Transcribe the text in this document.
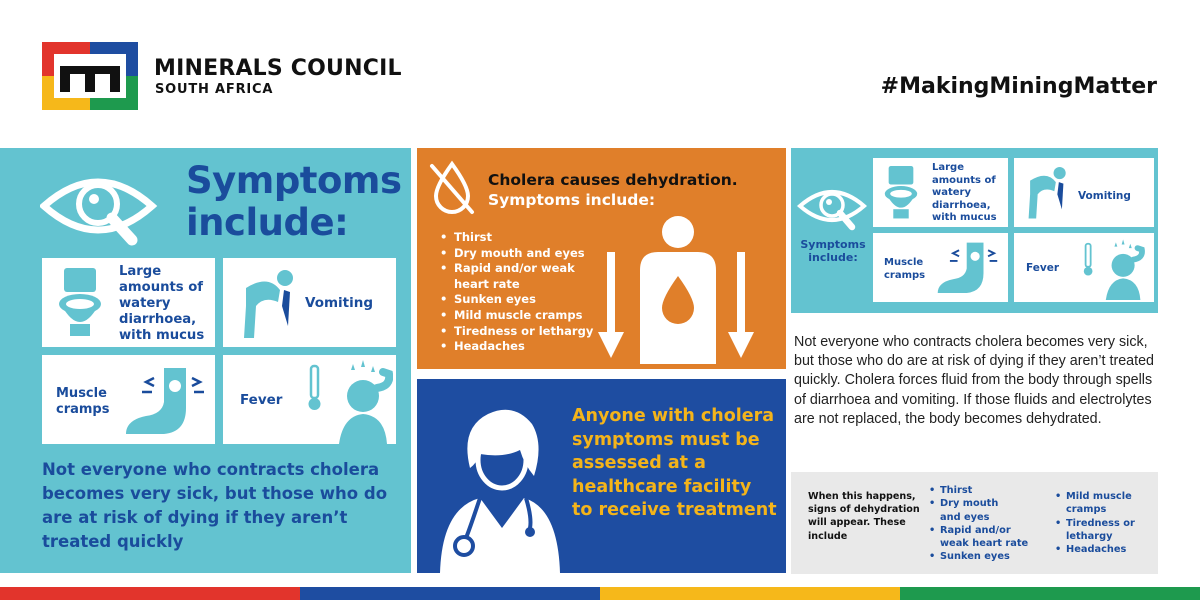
MINERALS COUNCIL
SOUTH AFRICA	#MakingMiningMatter
Symptoms
include:
Large amounts of watery diarrhoea, with mucus
Vomiting
Muscle cramps
Fever
Not everyone who contracts cholera becomes very sick, but those who do are at risk of dying if they aren’t treated quickly
Cholera causes dehydration.
Symptoms include:
• Thirst
• Dry mouth and eyes
• Rapid and/or weak heart rate
• Sunken eyes
• Mild muscle cramps
• Tiredness or lethargy
• Headaches
Anyone with cholera symptoms must be assessed at a healthcare facility to receive treatment
Symptoms include:
Large amounts of watery diarrhoea, with mucus
Vomiting
Muscle cramps
Fever
Not everyone who contracts cholera becomes very sick, but those who do are at risk of dying if they aren’t treated quickly. Cholera forces fluid from the body through spells of diarrhoea and vomiting. If those fluids and electrolytes are not replaced, the body becomes dehydrated.
When this happens, signs of dehydration will appear. These include
• Thirst
• Dry mouth and eyes
• Rapid and/or weak heart rate
• Sunken eyes
• Mild muscle cramps
• Tiredness or lethargy
• Headaches
